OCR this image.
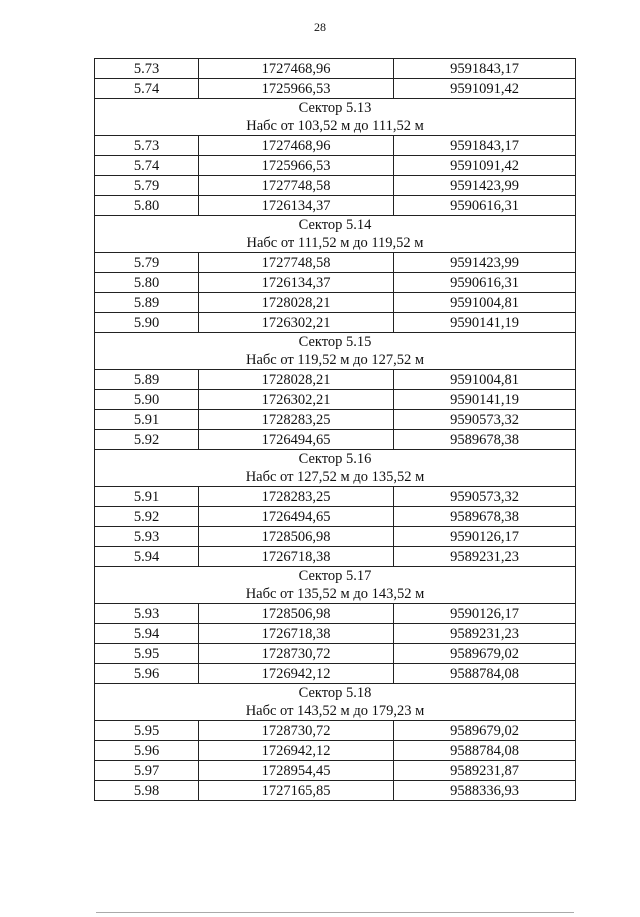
28
5.73	1727468,96	9591843,17
5.74	1725966,53	9591091,42

Сектор 5.13
Набс от 103,52 м до 111,52 м		

5.73	1727468,96	9591843,17
5.74	1725966,53	9591091,42
5.79	1727748,58	9591423,99
5.80	1726134,37	9590616,31

Сектор 5.14
Набс от 111,52 м до 119,52 м		

5.79	1727748,58	9591423,99
5.80	1726134,37	9590616,31
5.89	1728028,21	9591004,81
5.90	1726302,21	9590141,19

Сектор 5.15
Набс от 119,52 м до 127,52 м		

5.89	1728028,21	9591004,81
5.90	1726302,21	9590141,19
5.91	1728283,25	9590573,32
5.92	1726494,65	9589678,38

Сектор 5.16
Набс от 127,52 м до 135,52 м		

5.91	1728283,25	9590573,32
5.92	1726494,65	9589678,38
5.93	1728506,98	9590126,17
5.94	1726718,38	9589231,23

Сектор 5.17
Набс от 135,52 м до 143,52 м		

5.93	1728506,98	9590126,17
5.94	1726718,38	9589231,23
5.95	1728730,72	9589679,02
5.96	1726942,12	9588784,08

Сектор 5.18
Набс от 143,52 м до 179,23 м		

5.95	1728730,72	9589679,02
5.96	1726942,12	9588784,08
5.97	1728954,45	9589231,87
5.98	1727165,85	9588336,93
